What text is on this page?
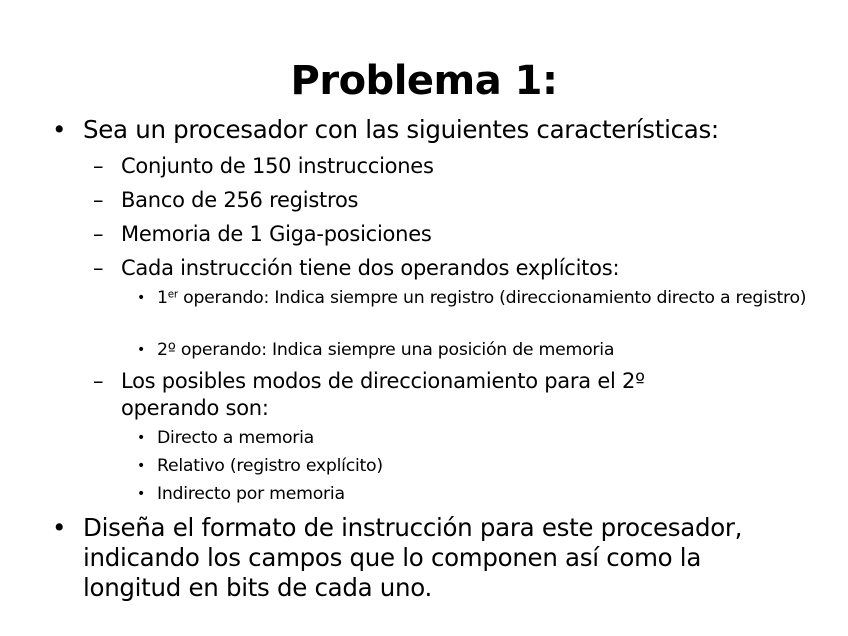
Problema 1:
• Sea un procesador con las siguientes características:
– Conjunto de 150 instrucciones
– Banco de 256 registros
– Memoria de 1 Giga-posiciones
– Cada instrucción tiene dos operandos explícitos:
• 1er operando: Indica siempre un registro (direccionamiento directo a registro)
• 2º operando: Indica siempre una posición de memoria
– Los posibles modos de direccionamiento para el 2º operando son:
• Directo a memoria
• Relativo (registro explícito)
• Indirecto por memoria
• Diseña el formato de instrucción para este procesador, indicando los campos que lo componen así como la longitud en bits de cada uno.
